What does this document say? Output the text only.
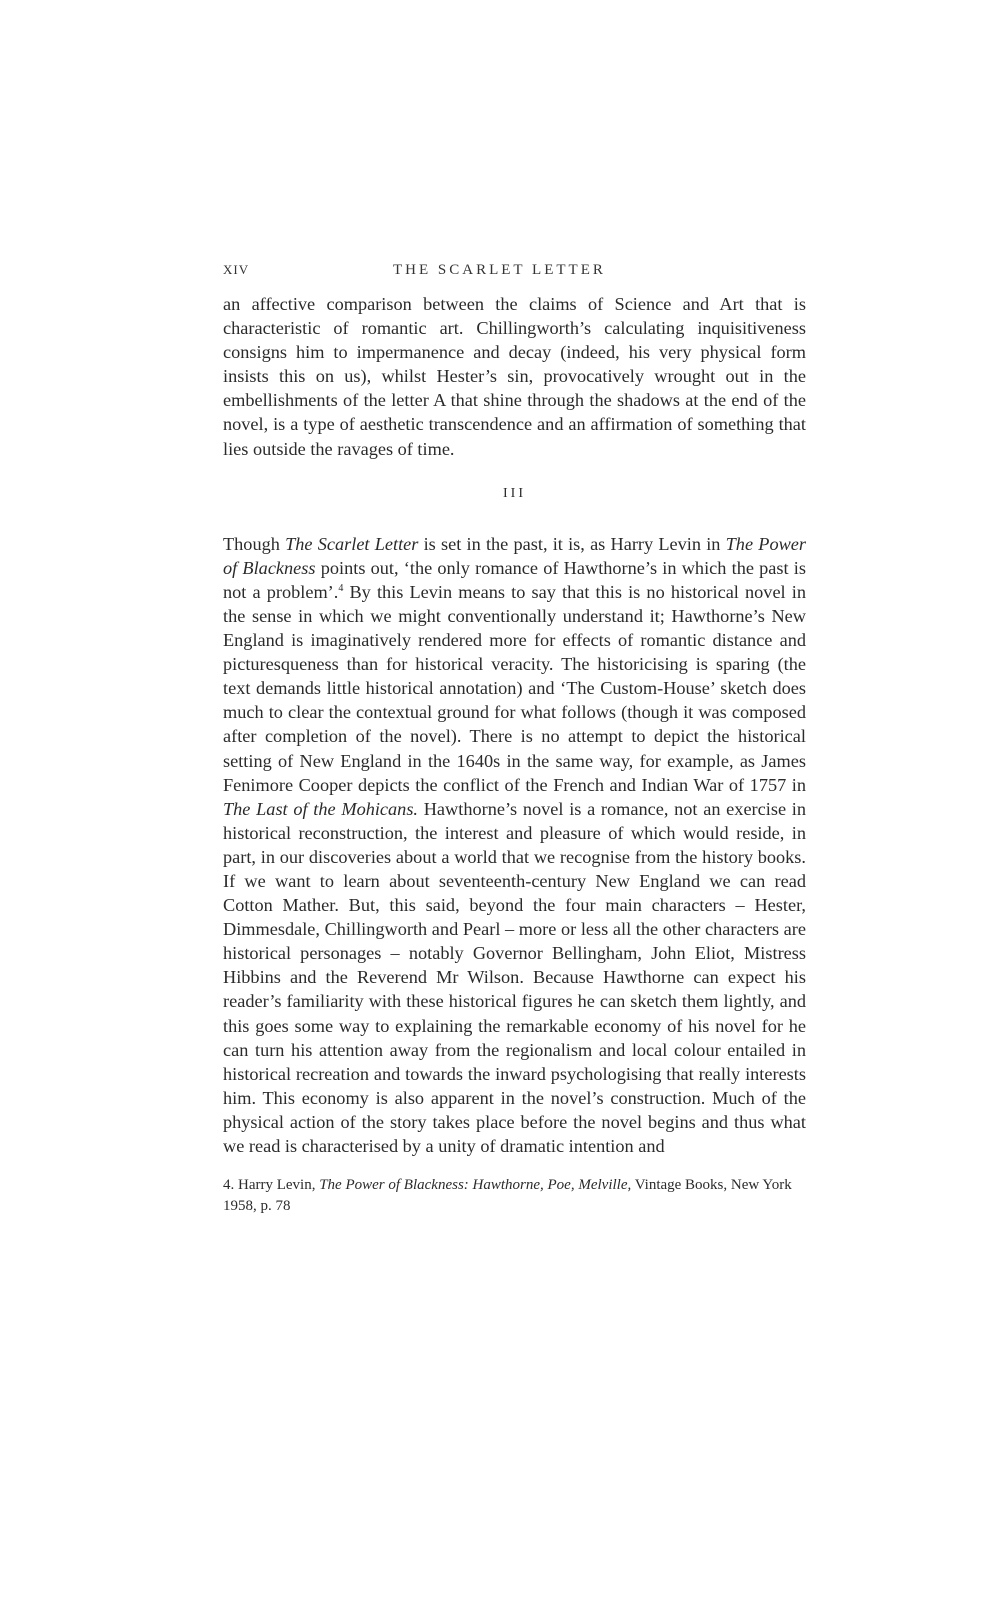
XIV	THE SCARLET LETTER

an affective comparison between the claims of Science and Art that is characteristic of romantic art. Chillingworth’s calculating inquisitiveness consigns him to impermanence and decay (indeed, his very physical form insists this on us), whilst Hester’s sin, provocatively wrought out in the embellishments of the letter A that shine through the shadows at the end of the novel, is a type of aesthetic transcendence and an affirmation of something that lies outside the ravages of time.

III

Though The Scarlet Letter is set in the past, it is, as Harry Levin in The Power of Blackness points out, ‘the only romance of Hawthorne’s in which the past is not a problem’.$^4$ By this Levin means to say that this is no historical novel in the sense in which we might conventionally understand it; Hawthorne’s New England is imaginatively rendered more for effects of romantic distance and picturesqueness than for historical veracity. The historicising is sparing (the text demands little historical annotation) and ‘The Custom-House’ sketch does much to clear the contextual ground for what follows (though it was composed after completion of the novel). There is no attempt to depict the historical setting of New England in the 1640s in the same way, for example, as James Fenimore Cooper depicts the conflict of the French and Indian War of 1757 in The Last of the Mohicans. Hawthorne’s novel is a romance, not an exercise in historical reconstruction, the interest and pleasure of which would reside, in part, in our discoveries about a world that we recognise from the history books. If we want to learn about seventeenth-century New England we can read Cotton Mather. But, this said, beyond the four main characters – Hester, Dimmesdale, Chillingworth and Pearl – more or less all the other characters are historical personages – notably Governor Bellingham, John Eliot, Mistress Hibbins and the Reverend Mr Wilson. Because Hawthorne can expect his reader’s familiarity with these historical figures he can sketch them lightly, and this goes some way to explaining the remarkable economy of his novel for he can turn his attention away from the regionalism and local colour entailed in historical recreation and towards the inward psychologising that really interests him. This economy is also apparent in the novel’s construction. Much of the physical action of the story takes place before the novel begins and thus what we read is characterised by a unity of dramatic intention and

4. Harry Levin, The Power of Blackness: Hawthorne, Poe, Melville, Vintage Books, New York 1958, p. 78
